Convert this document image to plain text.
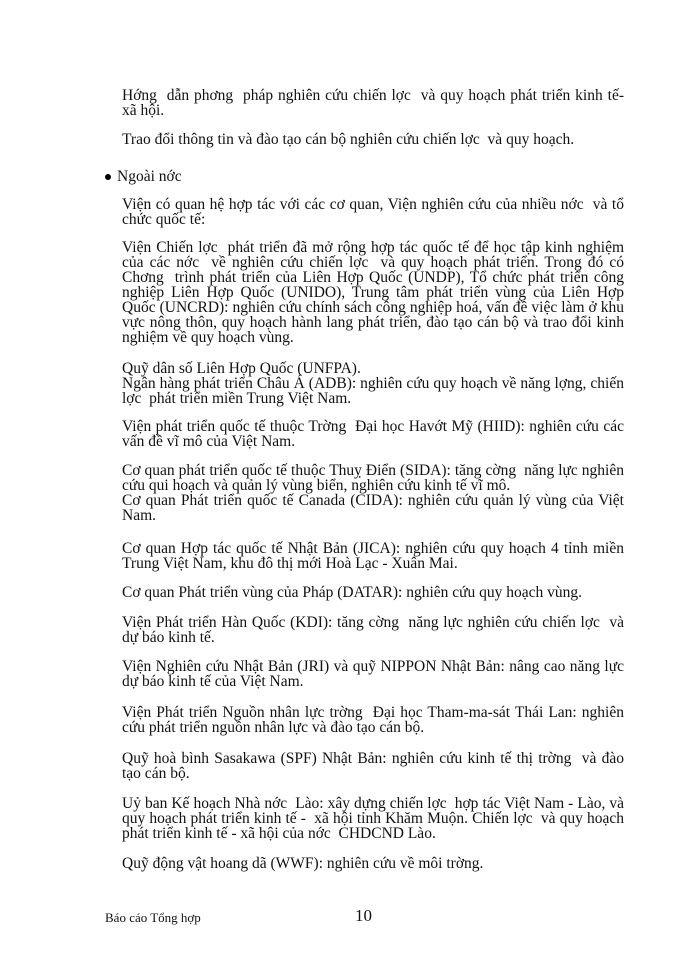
Hớng  dẫn phơng  pháp nghiên cứu chiến lợc  và quy hoạch phát triển kinh tế- xã hội.

Trao đổi thông tin và đào tạo cán bộ nghiên cứu chiến lợc  và quy hoạch.

Ngoài nớc

Viện có quan hệ hợp tác với các cơ quan, Viện nghiên cứu của nhiều nớc  và tổ chức quốc tế:

Viện Chiến lợc  phát triển đã mở rộng hợp tác quốc tế để học tập kinh nghiệm của các nớc  về nghiên cứu chiến lợc  và quy hoạch phát triển. Trong đó có Chơng  trình phát triển của Liên Hợp Quốc (UNDP), Tổ chức phát triển công nghiệp Liên Hợp Quốc (UNIDO), Trung tâm phát triển vùng của Liên Hợp Quốc (UNCRD): nghiên cứu chính sách công nghiệp hoá, vấn đề việc làm ở khu vực nông thôn, quy hoạch hành lang phát triển, đào tạo cán bộ và trao đổi kinh nghiệm về quy hoạch vùng.

Quỹ dân số Liên Hợp Quốc (UNFPA).
Ngân hàng phát triển Châu Á (ADB): nghiên cứu quy hoạch về năng lợng, chiến lợc  phát triển miền Trung Việt Nam.

Viện phát triển quốc tế thuộc Trờng  Đại học Havớt Mỹ (HIID): nghiên cứu các vấn đề vĩ mô của Việt Nam.

Cơ quan phát triển quốc tế thuộc Thuỵ Điển (SIDA): tăng cờng  năng lực nghiên cứu qui hoạch và quản lý vùng biển, nghiên cứu kinh tế vĩ mô.
Cơ quan Phát triển quốc tế Canada (CIDA): nghiên cứu quản lý vùng của Việt Nam.

Cơ quan Hợp tác quốc tế Nhật Bản (JICA): nghiên cứu quy hoạch 4 tỉnh miền Trung Việt Nam, khu đô thị mới Hoà Lạc - Xuân Mai.

Cơ quan Phát triển vùng của Pháp (DATAR): nghiên cứu quy hoạch vùng.

Viện Phát triển Hàn Quốc (KDI): tăng cờng  năng lực nghiên cứu chiến lợc  và dự báo kinh tế.

Viện Nghiên cứu Nhật Bản (JRI) và quỹ NIPPON Nhật Bản: nâng cao năng lực dự báo kinh tế của Việt Nam.

Viện Phát triển Nguồn nhân lực trờng  Đại học Tham-ma-sát Thái Lan: nghiên cứu phát triển nguồn nhân lực và đào tạo cán bộ.

Quỹ hoà bình Sasakawa (SPF) Nhật Bản: nghiên cứu kinh tế thị trờng  và đào tạo cán bộ.

Uỷ ban Kế hoạch Nhà nớc  Lào: xây dựng chiến lợc  hợp tác Việt Nam - Lào, và quy hoạch phát triển kinh tế -  xã hội tỉnh Khăm Muộn. Chiến lợc  và quy hoạch phát triển kinh tế - xã hội của nớc  CHDCND Lào.

Quỹ động vật hoang dã (WWF): nghiên cứu về môi trờng.

Báo cáo Tổng hợp	10
